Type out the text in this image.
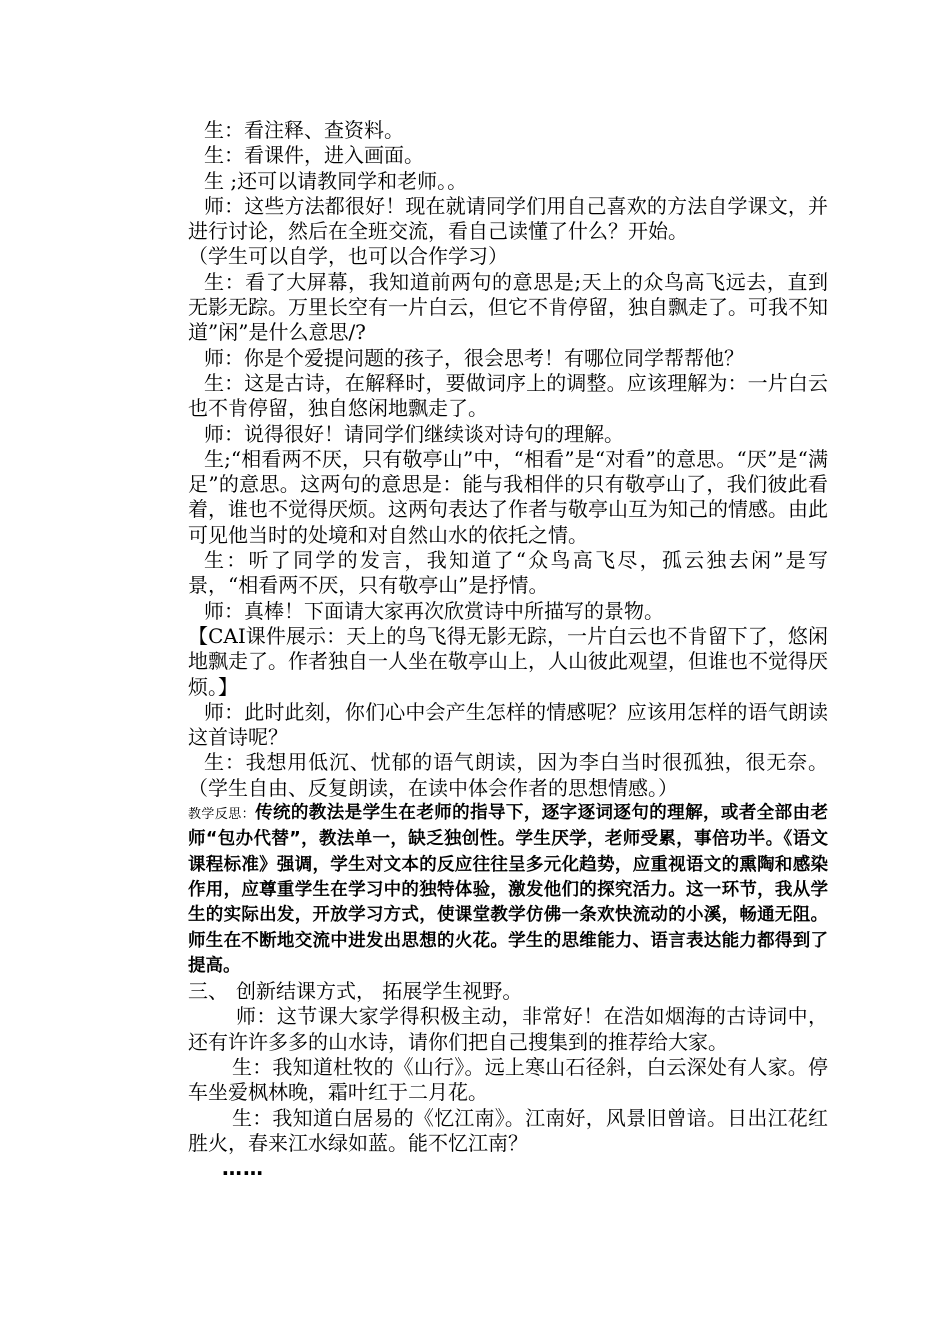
生：看注释、查资料。

生：看课件，进入画面。

生 ;还可以请教同学和老师。。

师：这些方法都很好！现在就请同学们用自己喜欢的方法自学课文，并进行讨论，然后在全班交流，看自己读懂了什么？开始。

（学生可以自学，也可以合作学习）

生：看了大屏幕，我知道前两句的意思是;天上的众鸟高飞远去，直到无影无踪。万里长空有一片白云，但它不肯停留，独自飘走了。可我不知道”闲”是什么意思/?

师：你是个爱提问题的孩子，很会思考！有哪位同学帮帮他？

生：这是古诗，在解释时，要做词序上的调整。应该理解为：一片白云也不肯停留，独自悠闲地飘走了。

师：说得很好！请同学们继续谈对诗句的理解。

生;“相看两不厌，只有敬亭山”中，“相看”是“对看”的意思。“厌”是“满足”的意思。这两句的意思是：能与我相伴的只有敬亭山了，我们彼此看着，谁也不觉得厌烦。这两句表达了作者与敬亭山互为知己的情感。由此可见他当时的处境和对自然山水的依托之情。

生：听了同学的发言，我知道了“众鸟高飞尽，孤云独去闲”是写景，“相看两不厌，只有敬亭山”是抒情。

师：真棒！下面请大家再次欣赏诗中所描写的景物。

【CAI课件展示：天上的鸟飞得无影无踪，一片白云也不肯留下了，悠闲地飘走了。作者独自一人坐在敬亭山上，人山彼此观望，但谁也不觉得厌烦。】

师：此时此刻，你们心中会产生怎样的情感呢？应该用怎样的语气朗读这首诗呢？

生：我想用低沉、忧郁的语气朗读，因为李白当时很孤独，很无奈。（学生自由、反复朗读，在读中体会作者的思想情感。）

教学反思：传统的教法是学生在老师的指导下，逐字逐词逐句的理解，或者全部由老师“包办代替”，教法单一，缺乏独创性。学生厌学，老师受累，事倍功半。《语文课程标准》强调，学生对文本的反应往往呈多元化趋势，应重视语文的熏陶和感染作用，应尊重学生在学习中的独特体验，激发他们的探究活力。这一环节，我从学生的实际出发，开放学习方式，使课堂教学仿佛一条欢快流动的小溪，畅通无阻。师生在不断地交流中进发出思想的火花。学生的思维能力、语言表达能力都得到了提高。

三、 创新结课方式， 拓展学生视野。

师：这节课大家学得积极主动，非常好！在浩如烟海的古诗词中，还有许许多多的山水诗，请你们把自己搜集到的推荐给大家。

生：我知道杜牧的《山行》。远上寒山石径斜，白云深处有人家。停车坐爱枫林晚，霜叶红于二月花。

生：我知道白居易的《忆江南》。江南好，风景旧曾谙。日出江花红胜火，春来江水绿如蓝。能不忆江南？

……
